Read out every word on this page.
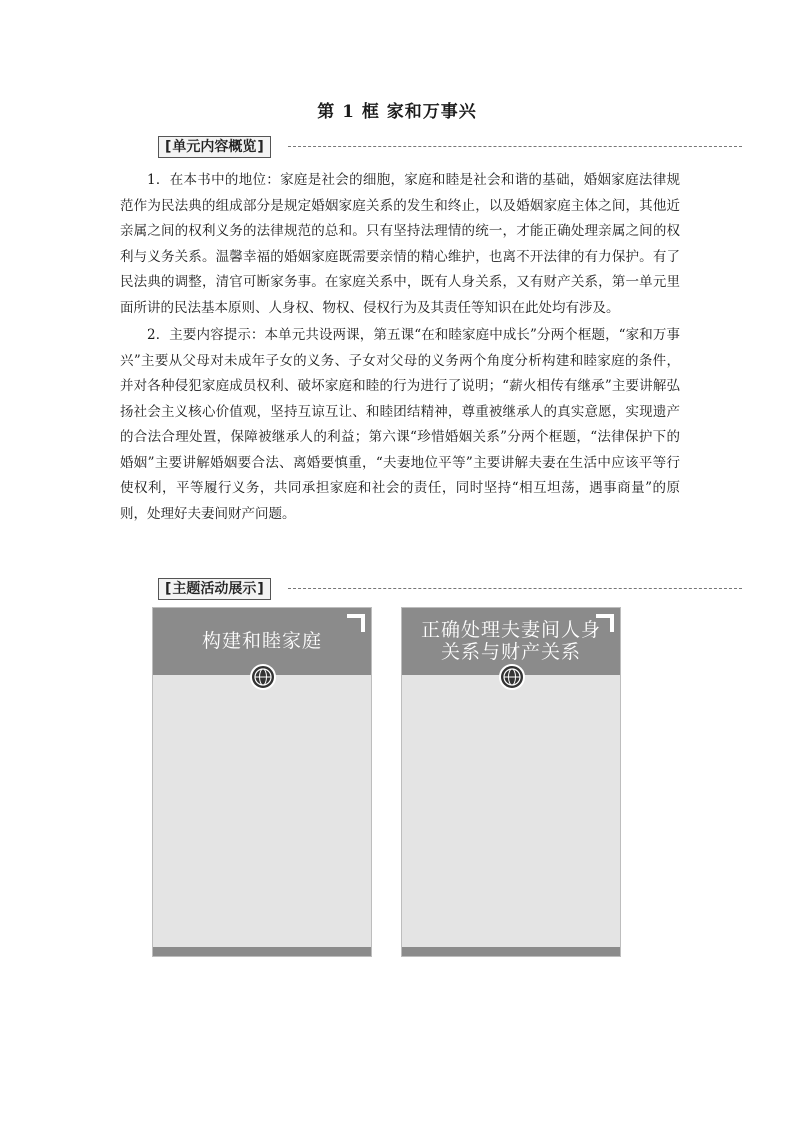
第 1 框 家和万事兴
[ 单元内容概览 ]

1．在本书中的地位：家庭是社会的细胞，家庭和睦是社会和谐的基础，婚姻家庭法律规范作为民法典的组成部分是规定婚姻家庭关系的发生和终止，以及婚姻家庭主体之间，其他近亲属之间的权利义务的法律规范的总和。只有坚持法理情的统一，才能正确处理亲属之间的权利与义务关系。温馨幸福的婚姻家庭既需要亲情的精心维护，也离不开法律的有力保护。有了民法典的调整，清官可断家务事。在家庭关系中，既有人身关系，又有财产关系，第一单元里面所讲的民法基本原则、人身权、物权、侵权行为及其责任等知识在此处均有涉及。

2．主要内容提示：本单元共设两课，第五课“在和睦家庭中成长”分两个框题，“家和万事兴”主要从父母对未成年子女的义务、子女对父母的义务两个角度分析构建和睦家庭的条件，并对各种侵犯家庭成员权利、破坏家庭和睦的行为进行了说明；“薪火相传有继承”主要讲解弘扬社会主义核心价值观，坚持互谅互让、和睦团结精神，尊重被继承人的真实意愿，实现遗产的合法合理处置，保障被继承人的利益；第六课“珍惜婚姻关系”分两个框题，“法律保护下的婚姻”主要讲解婚姻要合法、离婚要慎重，“夫妻地位平等”主要讲解夫妻在生活中应该平等行使权利，平等履行义务，共同承担家庭和社会的责任，同时坚持“相互坦荡，遇事商量”的原则，处理好夫妻间财产问题。

[ 主题活动展示 ]
构建和睦家庭	正确处理夫妻间人身
关系与财产关系
